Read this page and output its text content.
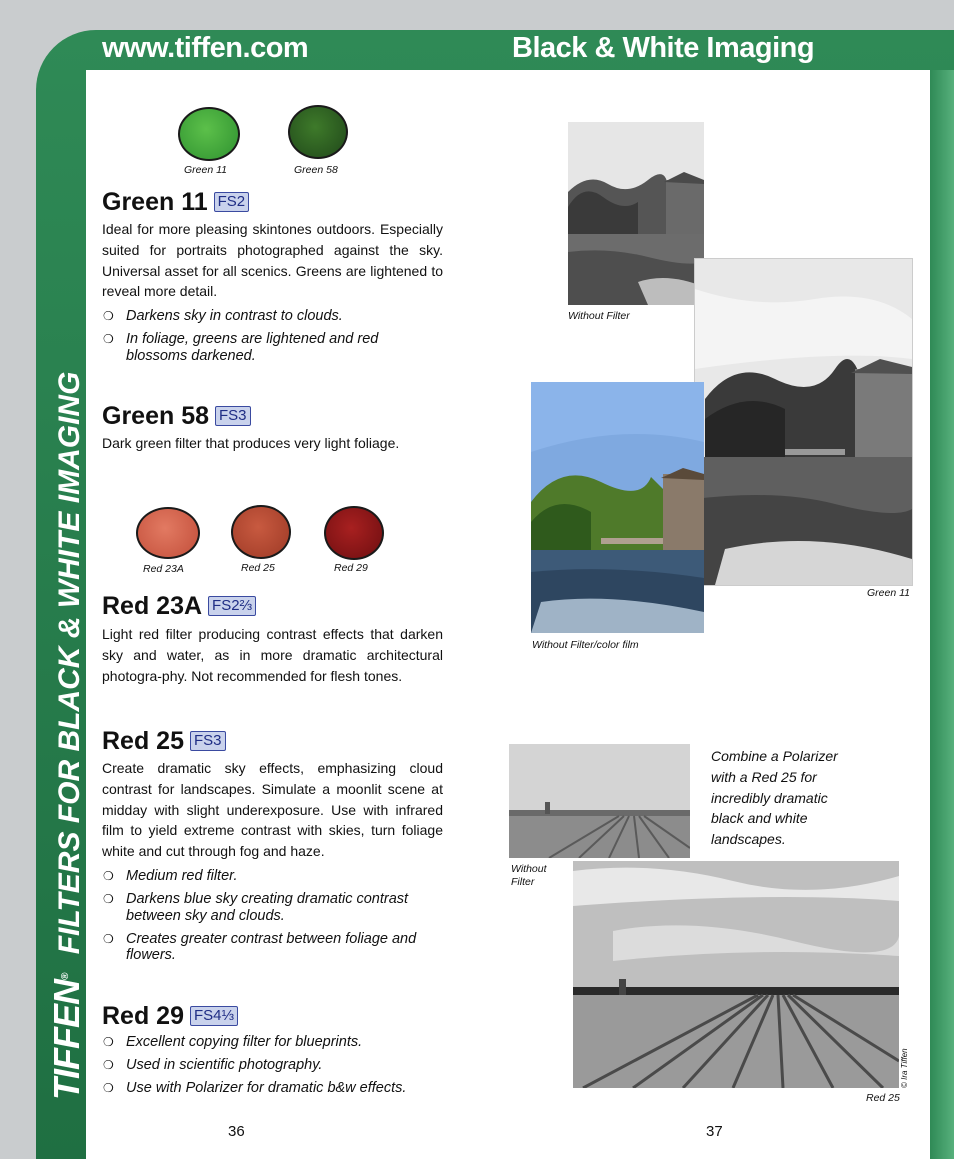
www.tiffen.com	Black & White Imaging
TIFFEN® FILTERS FOR BLACK & WHITE IMAGING
Green 11	Green 58
Green 11 FS2
Ideal for more pleasing skintones outdoors. Especially suited for portraits photographed against the sky. Universal asset for all scenics. Greens are lightened to reveal more detail.
❍ Darkens sky in contrast to clouds.
❍ In foliage, greens are lightened and red blossoms darkened.
Green 58 FS3
Dark green filter that produces very light foliage.
Red 23A	Red 25	Red 29
Red 23A FS2⅔
Light red filter producing contrast effects that darken sky and water, as in more dramatic architectural photogra-phy. Not recommended for flesh tones.
Red 25 FS3
Create dramatic sky effects, emphasizing cloud contrast for landscapes. Simulate a moonlit scene at midday with slight underexposure. Use with infrared film to yield extreme contrast with skies, turn foliage white and cut through fog and haze.
❍ Medium red filter.
❍ Darkens blue sky creating dramatic contrast between sky and clouds.
❍ Creates greater contrast between foliage and flowers.
Red 29 FS4⅓
❍ Excellent copying filter for blueprints.
❍ Used in scientific photography.
❍ Use with Polarizer for dramatic b&w effects.
Without Filter
Green 11
Without Filter/color film
Without Filter
Combine a Polarizer with a Red 25 for incredibly dramatic black and white landscapes.
© Ira Tiffen
Red 25
36	37
